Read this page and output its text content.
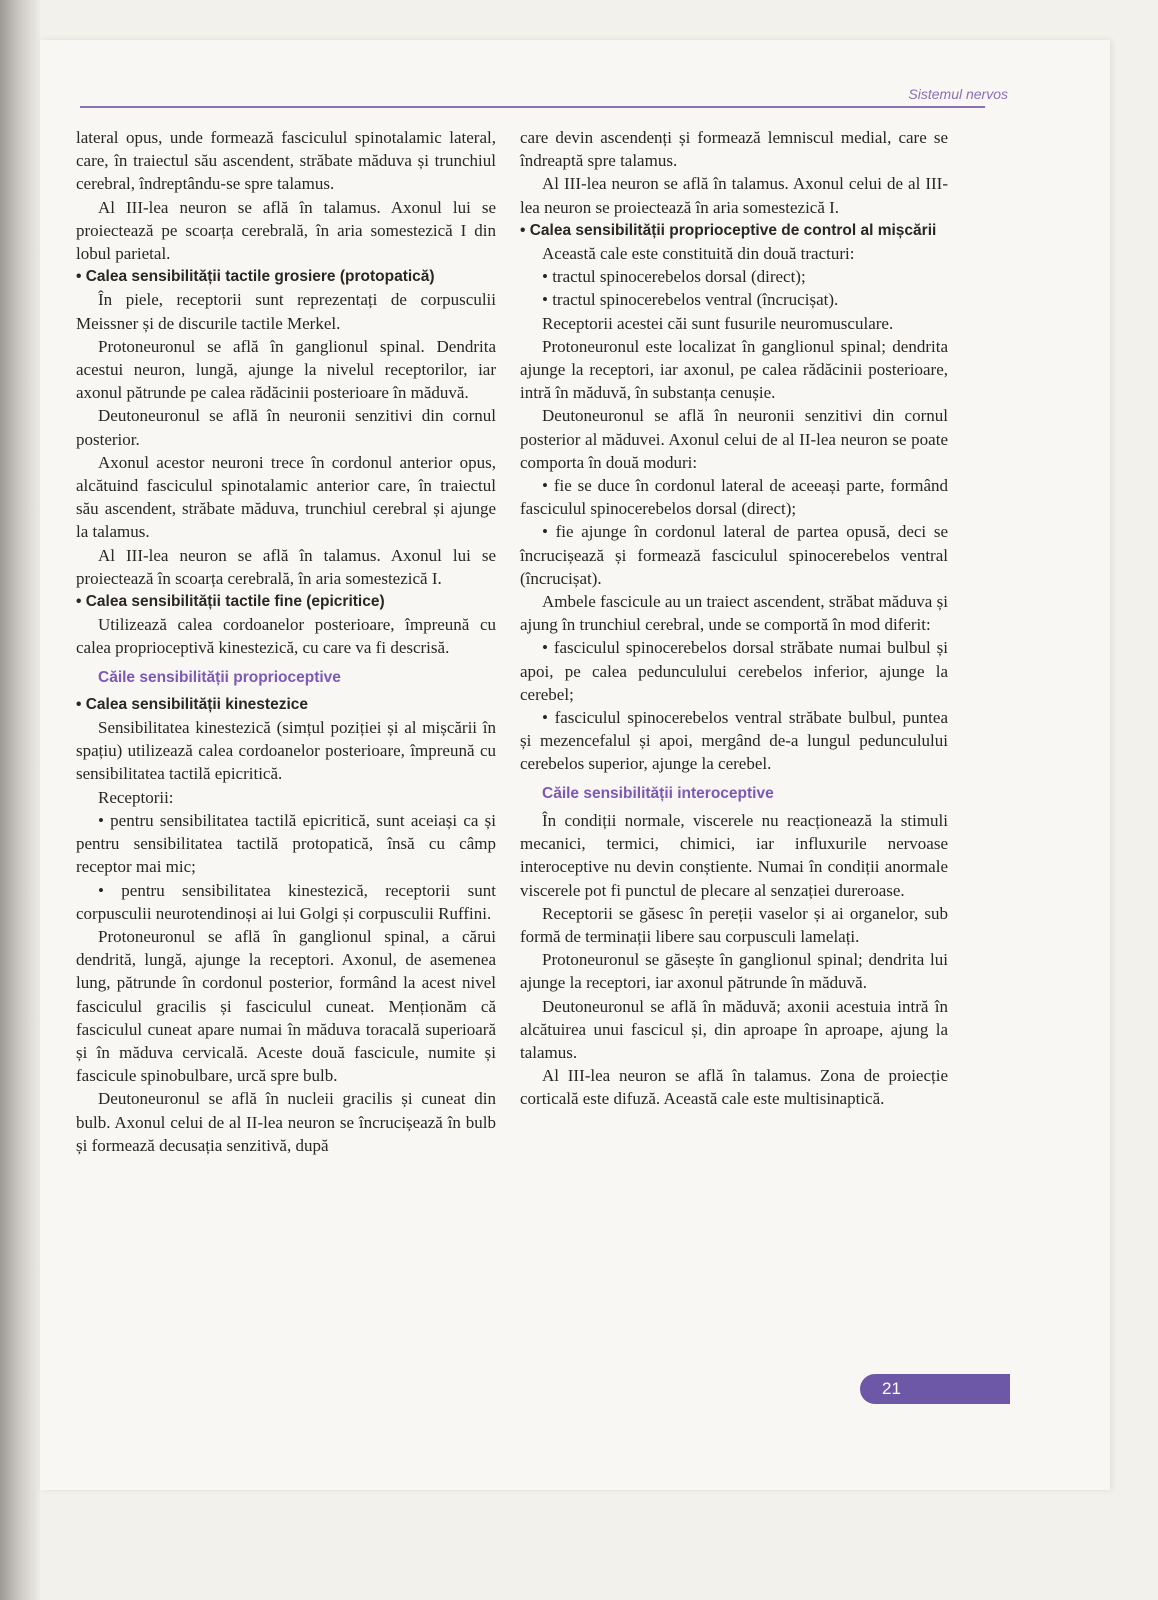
Sistemul nervos

lateral opus, unde formează fasciculul spinotalamic lateral, care, în traiectul său ascendent, străbate măduva și trunchiul cerebral, îndreptându-se spre talamus.

Al III-lea neuron se află în talamus. Axonul lui se proiectează pe scoarța cerebrală, în aria somestezică I din lobul parietal.

• Calea sensibilității tactile grosiere (protopatică)

În piele, receptorii sunt reprezentați de corpusculii Meissner și de discurile tactile Merkel.

Protoneuronul se află în ganglionul spinal. Dendrita acestui neuron, lungă, ajunge la nivelul receptorilor, iar axonul pătrunde pe calea rădăcinii posterioare în măduvă.

Deutoneuronul se află în neuronii senzitivi din cornul posterior.

Axonul acestor neuroni trece în cordonul anterior opus, alcătuind fasciculul spinotalamic anterior care, în traiectul său ascendent, străbate măduva, trunchiul cerebral și ajunge la talamus.

Al III-lea neuron se află în talamus. Axonul lui se proiectează în scoarța cerebrală, în aria somestezică I.

• Calea sensibilității tactile fine (epicritice)

Utilizează calea cordoanelor posterioare, împreună cu calea proprioceptivă kinestezică, cu care va fi descrisă.

Căile sensibilității proprioceptive

• Calea sensibilității kinestezice

Sensibilitatea kinestezică (simțul poziției și al mișcării în spațiu) utilizează calea cordoanelor posterioare, împreună cu sensibilitatea tactilă epicritică.

Receptorii:

• pentru sensibilitatea tactilă epicritică, sunt aceiași ca și pentru sensibilitatea tactilă protopatică, însă cu câmp receptor mai mic;

• pentru sensibilitatea kinestezică, receptorii sunt corpusculii neurotendinoși ai lui Golgi și corpusculii Ruffini.

Protoneuronul se află în ganglionul spinal, a cărui dendrită, lungă, ajunge la receptori. Axonul, de asemenea lung, pătrunde în cordonul posterior, formând la acest nivel fasciculul gracilis și fasciculul cuneat. Menționăm că fasciculul cuneat apare numai în măduva toracală superioară și în măduva cervicală. Aceste două fascicule, numite și fascicule spinobulbare, urcă spre bulb.

Deutoneuronul se află în nucleii gracilis și cuneat din bulb. Axonul celui de al II-lea neuron se încrucișează în bulb și formează decusația senzitivă, după

care devin ascendenți și formează lemniscul medial, care se îndreaptă spre talamus.

Al III-lea neuron se află în talamus. Axonul celui de al III-lea neuron se proiectează în aria somestezică I.

• Calea sensibilității proprioceptive de control al mișcării

Această cale este constituită din două tracturi:

• tractul spinocerebelos dorsal (direct);

• tractul spinocerebelos ventral (încrucișat).

Receptorii acestei căi sunt fusurile neuromusculare.

Protoneuronul este localizat în ganglionul spinal; dendrita ajunge la receptori, iar axonul, pe calea rădăcinii posterioare, intră în măduvă, în substanța cenușie.

Deutoneuronul se află în neuronii senzitivi din cornul posterior al măduvei. Axonul celui de al II-lea neuron se poate comporta în două moduri:

• fie se duce în cordonul lateral de aceeași parte, formând fasciculul spinocerebelos dorsal (direct);

• fie ajunge în cordonul lateral de partea opusă, deci se încrucișează și formează fasciculul spinocerebelos ventral (încrucișat).

Ambele fascicule au un traiect ascendent, străbat măduva și ajung în trunchiul cerebral, unde se comportă în mod diferit:

• fasciculul spinocerebelos dorsal străbate numai bulbul și apoi, pe calea pedunculului cerebelos inferior, ajunge la cerebel;

• fasciculul spinocerebelos ventral străbate bulbul, puntea și mezencefalul și apoi, mergând de-a lungul pedunculului cerebelos superior, ajunge la cerebel.

Căile sensibilității interoceptive

În condiții normale, viscerele nu reacționează la stimuli mecanici, termici, chimici, iar influxurile nervoase interoceptive nu devin conștiente. Numai în condiții anormale viscerele pot fi punctul de plecare al senzației dureroase.

Receptorii se găsesc în pereții vaselor și ai organelor, sub formă de terminații libere sau corpusculi lamelați.

Protoneuronul se găsește în ganglionul spinal; dendrita lui ajunge la receptori, iar axonul pătrunde în măduvă.

Deutoneuronul se află în măduvă; axonii acestuia intră în alcătuirea unui fascicul și, din aproape în aproape, ajung la talamus.

Al III-lea neuron se află în talamus. Zona de proiecție corticală este difuză. Această cale este multisinaptică.

21
